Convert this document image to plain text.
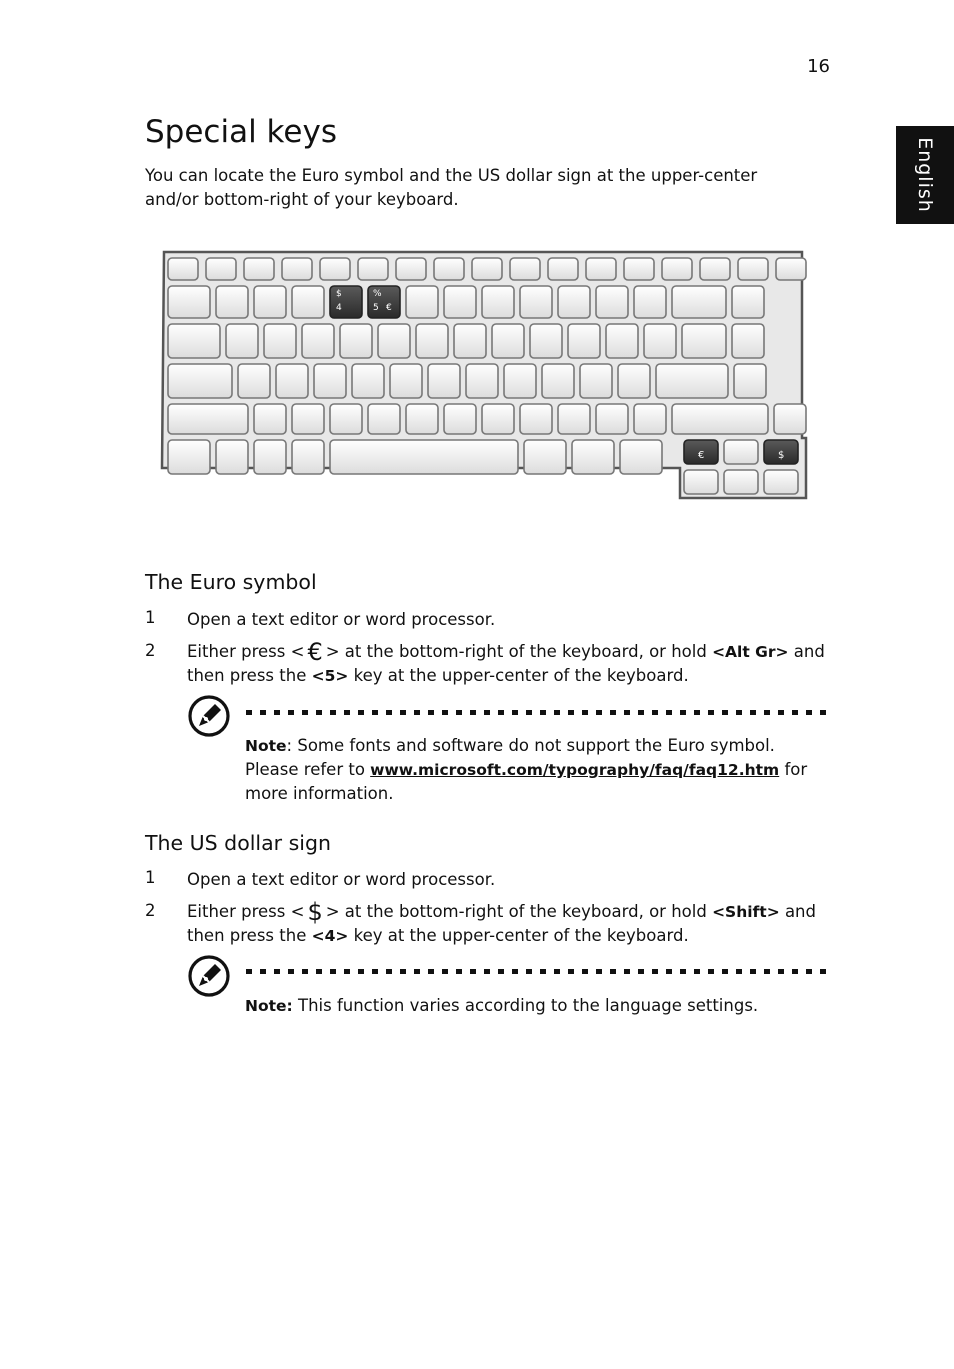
16
English
Special keys

You can locate the Euro symbol and the US dollar sign at the upper-center and/or bottom-right of your keyboard.

$
4
%
5 €
€	$
The Euro symbol
1 Open a text editor or word processor.
2 Either press < € > at the bottom-right of the keyboard, or hold <Alt Gr> and then press the <5> key at the upper-center of the keyboard.
Note: Some fonts and software do not support the Euro symbol. Please refer to www.microsoft.com/typography/faq/faq12.htm for more information.
The US dollar sign
1 Open a text editor or word processor.
2 Either press < $ > at the bottom-right of the keyboard, or hold <Shift> and then press the <4> key at the upper-center of the keyboard.
Note: This function varies according to the language settings.
